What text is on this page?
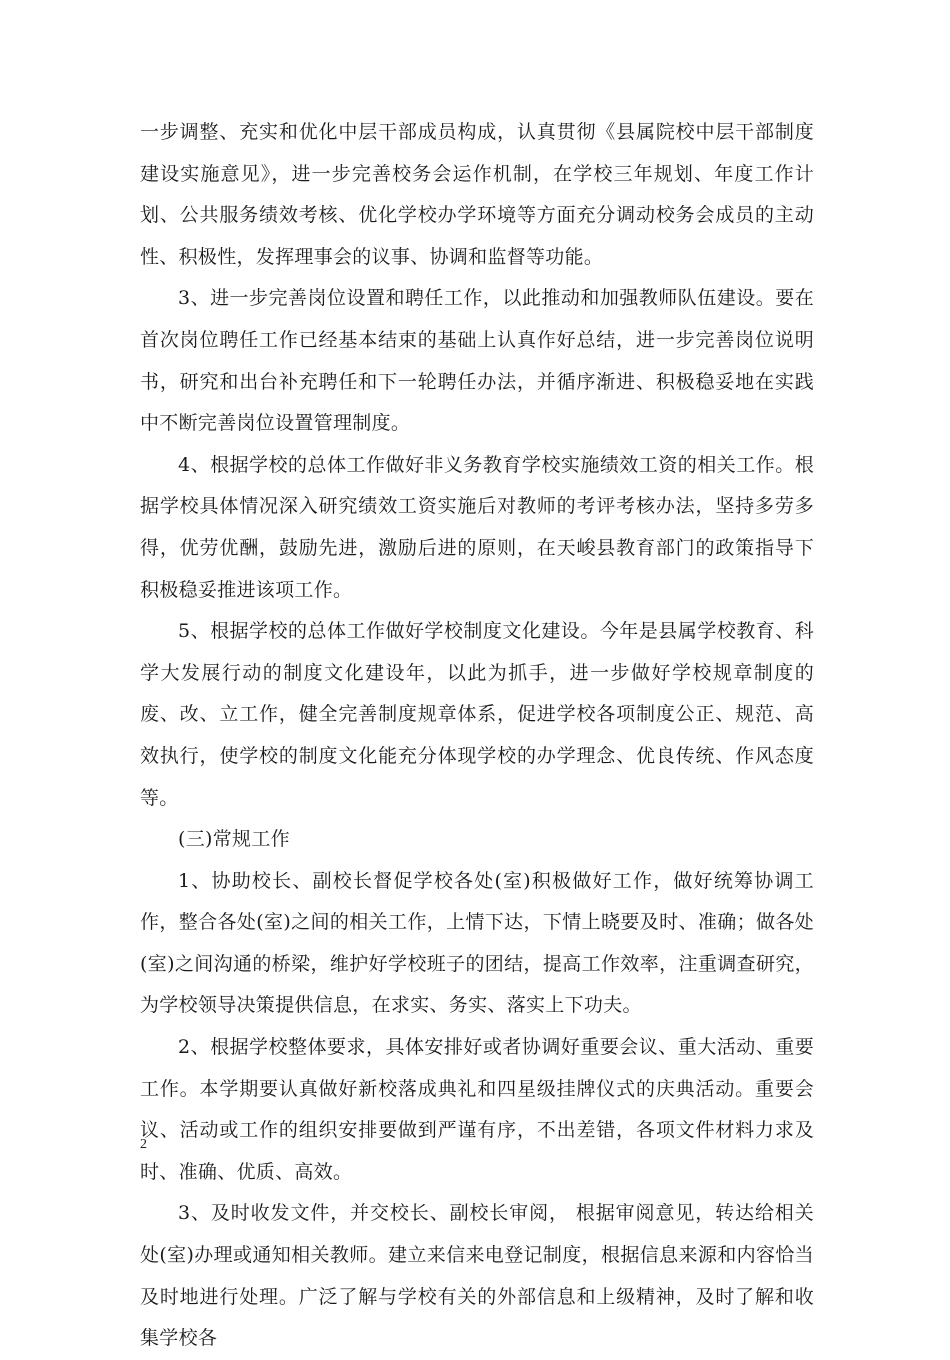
一步调整、充实和优化中层干部成员构成，认真贯彻《县属院校中层干部制度建设实施意见》，进一步完善校务会运作机制，在学校三年规划、年度工作计划、公共服务绩效考核、优化学校办学环境等方面充分调动校务会成员的主动性、积极性，发挥理事会的议事、协调和监督等功能。

3、进一步完善岗位设置和聘任工作，以此推动和加强教师队伍建设。要在首次岗位聘任工作已经基本结束的基础上认真作好总结，进一步完善岗位说明书，研究和出台补充聘任和下一轮聘任办法，并循序渐进、积极稳妥地在实践中不断完善岗位设置管理制度。

4、根据学校的总体工作做好非义务教育学校实施绩效工资的相关工作。根据学校具体情况深入研究绩效工资实施后对教师的考评考核办法，坚持多劳多得，优劳优酬，鼓励先进，激励后进的原则，在天峻县教育部门的政策指导下积极稳妥推进该项工作。

5、根据学校的总体工作做好学校制度文化建设。今年是县属学校教育、科学大发展行动的制度文化建设年，以此为抓手，进一步做好学校规章制度的废、改、立工作，健全完善制度规章体系，促进学校各项制度公正、规范、高效执行，使学校的制度文化能充分体现学校的办学理念、优良传统、作风态度等。

(三)常规工作

1、协助校长、副校长督促学校各处(室)积极做好工作，做好统筹协调工作，整合各处(室)之间的相关工作，上情下达，下情上晓要及时、准确；做各处(室)之间沟通的桥梁，维护好学校班子的团结，提高工作效率，注重调查研究，为学校领导决策提供信息，在求实、务实、落实上下功夫。

2、根据学校整体要求，具体安排好或者协调好重要会议、重大活动、重要工作。本学期要认真做好新校落成典礼和四星级挂牌仪式的庆典活动。重要会议、活动或工作的组织安排要做到严谨有序，不出差错，各项文件材料力求及时、准确、优质、高效。

3、及时收发文件，并交校长、副校长审阅， 根据审阅意见，转达给相关处(室)办理或通知相关教师。建立来信来电登记制度，根据信息来源和内容恰当及时地进行处理。广泛了解与学校有关的外部信息和上级精神，及时了解和收集学校各

2
